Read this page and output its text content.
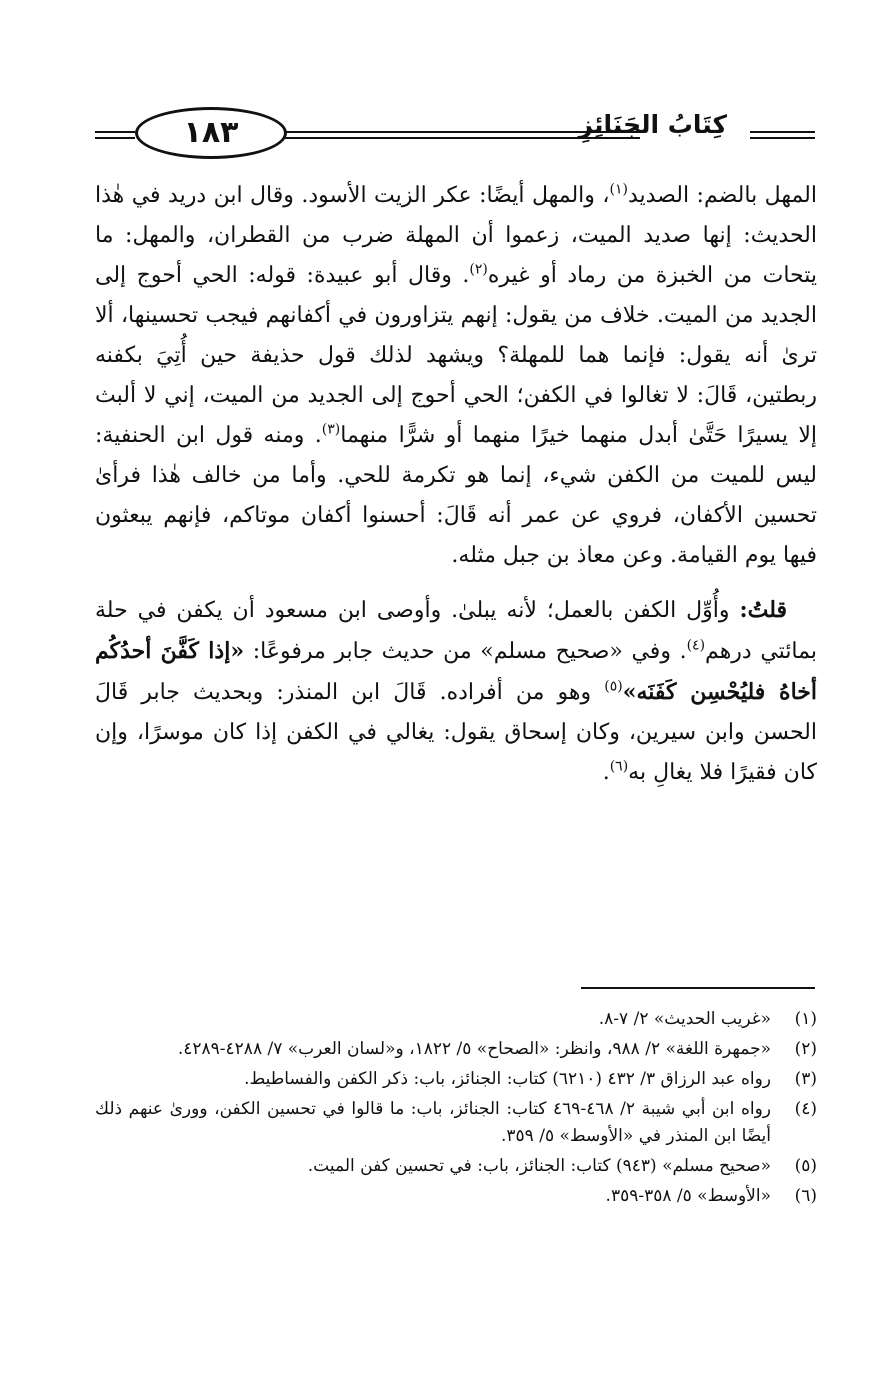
١٨٣	كِتَابُ الجَنَائِزِ

المهل بالضم: الصديد$^{(١)}$، والمهل أيضًا: عكر الزيت الأسود. وقال ابن دريد في هٰذا الحديث: إنها صديد الميت، زعموا أن المهلة ضرب من القطران، والمهل: ما يتحات من الخبزة من رماد أو غيره$^{(٢)}$. وقال أبو عبيدة: قوله: الحي أحوج إلى الجديد من الميت. خلاف من يقول: إنهم يتزاورون في أكفانهم فيجب تحسينها، ألا ترىٰ أنه يقول: فإنما هما للمهلة؟ ويشهد لذلك قول حذيفة حين أُتِيَ بكفنه ربطتين، قَالَ: لا تغالوا في الكفن؛ الحي أحوج إلى الجديد من الميت، إني لا ألبث إلا يسيرًا حَتَّىٰ أبدل منهما خيرًا منهما أو شرًّا منهما$^{(٣)}$. ومنه قول ابن الحنفية: ليس للميت من الكفن شيء، إنما هو تكرمة للحي. وأما من خالف هٰذا فرأىٰ تحسين الأكفان، فروي عن عمر أنه قَالَ: أحسنوا أكفان موتاكم، فإنهم يبعثون فيها يوم القيامة. وعن معاذ بن جبل مثله.

قلتُ: وأُوِّل الكفن بالعمل؛ لأنه يبلىٰ. وأوصى ابن مسعود أن يكفن في حلة بمائتي درهم$^{(٤)}$. وفي «صحيح مسلم» من حديث جابر مرفوعًا: «إذا كَفَّنَ أحدُكُم أخاهُ فليُحْسِن كَفَنَه»$^{(٥)}$ وهو من أفراده. قَالَ ابن المنذر: وبحديث جابر قَالَ الحسن وابن سيرين، وكان إسحاق يقول: يغالي في الكفن إذا كان موسرًا، وإن كان فقيرًا فلا يغالِ به$^{(٦)}$.

(١)
«غريب الحديث» ٢/ ٧-٨.
(٢)
«جمهرة اللغة» ٢/ ٩٨٨، وانظر: «الصحاح» ٥/ ١٨٢٢، و«لسان العرب» ٧/ ٤٢٨٨-٤٢٨٩.
(٣)
رواه عبد الرزاق ٣/ ٤٣٢ (٦٢١٠) كتاب: الجنائز، باب: ذكر الكفن والفساطيط.
(٤)
رواه ابن أبي شيبة ٢/ ٤٦٨-٤٦٩ كتاب: الجنائز، باب: ما قالوا في تحسين الكفن، وورىٰ عنهم ذلك أيضًا ابن المنذر في «الأوسط» ٥/ ٣٥٩.
(٥)
«صحيح مسلم» (٩٤٣) كتاب: الجنائز، باب: في تحسين كفن الميت.
(٦)
«الأوسط» ٥/ ٣٥٨-٣٥٩.
